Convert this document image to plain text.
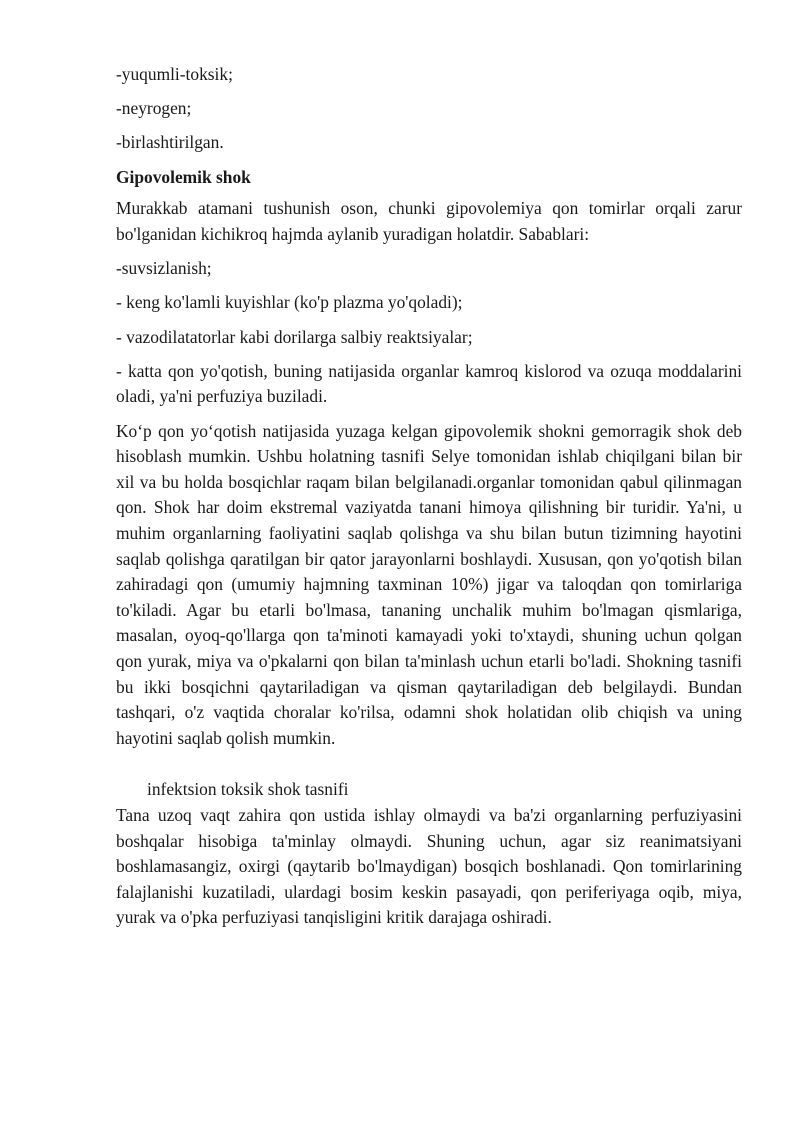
-yuqumli-toksik;

-neyrogen;

-birlashtirilgan.

Gipovolemik shok

Murakkab atamani tushunish oson, chunki gipovolemiya qon tomirlar orqali zarur bo'lganidan kichikroq hajmda aylanib yuradigan holatdir. Sabablari:

-suvsizlanish;

- keng ko'lamli kuyishlar (ko'p plazma yo'qoladi);

- vazodilatatorlar kabi dorilarga salbiy reaktsiyalar;

- katta qon yo'qotish, buning natijasida organlar kamroq kislorod va ozuqa moddalarini oladi, ya'ni perfuziya buziladi.

Ko‘p qon yo‘qotish natijasida yuzaga kelgan gipovolemik shokni gemorragik shok deb hisoblash mumkin. Ushbu holatning tasnifi Selye tomonidan ishlab chiqilgani bilan bir xil va bu holda bosqichlar raqam bilan belgilanadi.organlar tomonidan qabul qilinmagan qon. Shok har doim ekstremal vaziyatda tanani himoya qilishning bir turidir. Ya'ni, u muhim organlarning faoliyatini saqlab qolishga va shu bilan butun tizimning hayotini saqlab qolishga qaratilgan bir qator jarayonlarni boshlaydi. Xususan, qon yo'qotish bilan zahiradagi qon (umumiy hajmning taxminan 10%) jigar va taloqdan qon tomirlariga to'kiladi. Agar bu etarli bo'lmasa, tananing unchalik muhim bo'lmagan qismlariga, masalan, oyoq-qo'llarga qon ta'minoti kamayadi yoki to'xtaydi, shuning uchun qolgan qon yurak, miya va o'pkalarni qon bilan ta'minlash uchun etarli bo'ladi. Shokning tasnifi bu ikki bosqichni qaytariladigan va qisman qaytariladigan deb belgilaydi. Bundan tashqari, o'z vaqtida choralar ko'rilsa, odamni shok holatidan olib chiqish va uning hayotini saqlab qolish mumkin.

infektsion toksik shok tasnifi

Tana uzoq vaqt zahira qon ustida ishlay olmaydi va ba'zi organlarning perfuziyasini boshqalar hisobiga ta'minlay olmaydi. Shuning uchun, agar siz reanimatsiyani boshlamasangiz, oxirgi (qaytarib bo'lmaydigan) bosqich boshlanadi. Qon tomirlarining falajlanishi kuzatiladi, ulardagi bosim keskin pasayadi, qon periferiyaga oqib, miya, yurak va o'pka perfuziyasi tanqisligini kritik darajaga oshiradi.
